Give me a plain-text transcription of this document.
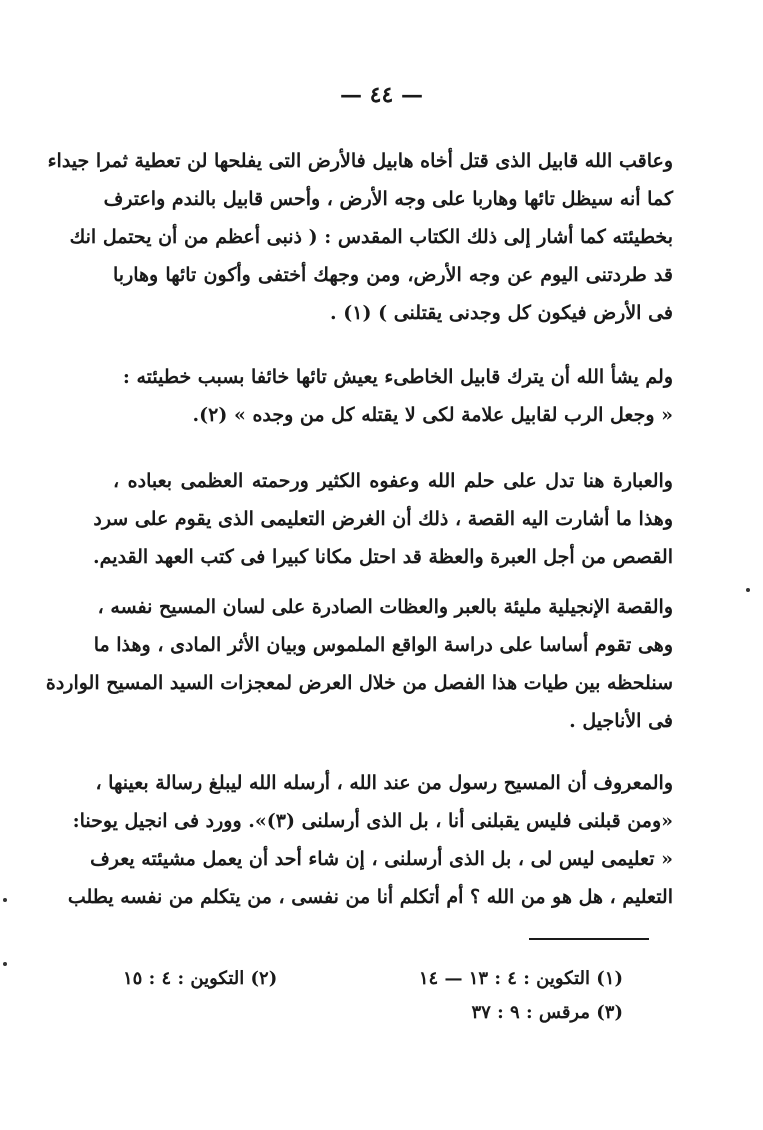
— ٤٤ —
وعاقب الله قابيل الذى قتل أخاه هابيل فالأرض التى يفلحها لن تعطية ثمرا جيداء
كما أنه سيظل تائها وهاربا على وجه الأرض ، وأحس قابيل بالندم واعترف
بخطيئته كما أشار إلى ذلك الكتاب المقدس : ( ذنبى أعظم من أن يحتمل انك
قد طردتنى اليوم عن وجه الأرض، ومن وجهك أختفى وأكون تائها وهاربا
فى الأرض فيكون كل وجدنى يقتلنى ) (١) .
ولم يشأ الله أن يترك قابيل الخاطىء يعيش تائها خائفا بسبب خطيئته :
« وجعل الرب لقابيل علامة لكى لا يقتله كل من وجده » (٢).
والعبارة هنا تدل على حلم الله وعفوه الكثير ورحمته العظمى بعباده ،
وهذا ما أشارت اليه القصة ، ذلك أن الغرض التعليمى الذى يقوم على سرد
القصص من أجل العبرة والعظة قد احتل مكانا كبيرا فى كتب العهد القديم.
والقصة الإنجيلية مليئة بالعبر والعظات الصادرة على لسان المسيح نفسه ،
وهى تقوم أساسا على دراسة الواقع الملموس وبيان الأثر المادى ، وهذا ما
سنلحظه بين طيات هذا الفصل من خلال العرض لمعجزات السيد المسيح الواردة
فى الأناجيل .
والمعروف أن المسيح رسول من عند الله ، أرسله الله ليبلغ رسالة بعينها ،
«ومن قبلنى فليس يقبلنى أنا ، بل الذى أرسلنى (٣)». وورد فى انجيل يوحنا:
« تعليمى ليس لى ، بل الذى أرسلنى ، إن شاء أحد أن يعمل مشيئته يعرف
التعليم ، هل هو من الله ؟ أم أتكلم أنا من نفسى ، من يتكلم من نفسه يطلب
(١) التكوين : ٤ : ١٣ — ١٤
(٢) التكوين : ٤ : ١٥
(٣) مرقس : ٩ : ٣٧
